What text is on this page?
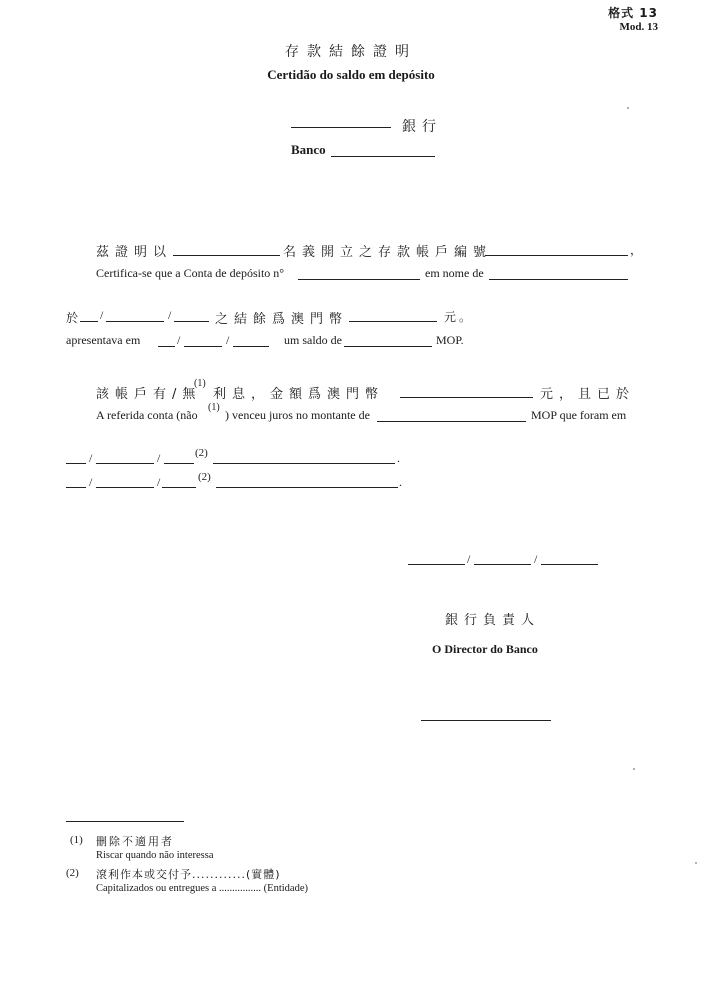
格式 13
Mod. 13
存款結餘證明
Certidão do saldo em depósito
銀行
Banco
茲證明以	名義開立之存款帳戶編號	，
Certifica-se que a Conta de depósito n°	em nome de
於 /	/	之結餘爲澳門幣	元。
apresentava em	/	/	um saldo de	MOP.
該帳戶有/無
(1)
利息，金額爲澳門幣	元，且已於
A referida conta (não
(1)
) venceu juros no montante de	MOP que foram em
/	/	(2)	.
/	/	(2)	.
/	/
銀行負責人
O Director do Banco
(1) 刪除不適用者
Riscar quando não interessa
(2) 滾利作本或交付予............(實體)
Capitalizados ou entregues a ................ (Entidade)
